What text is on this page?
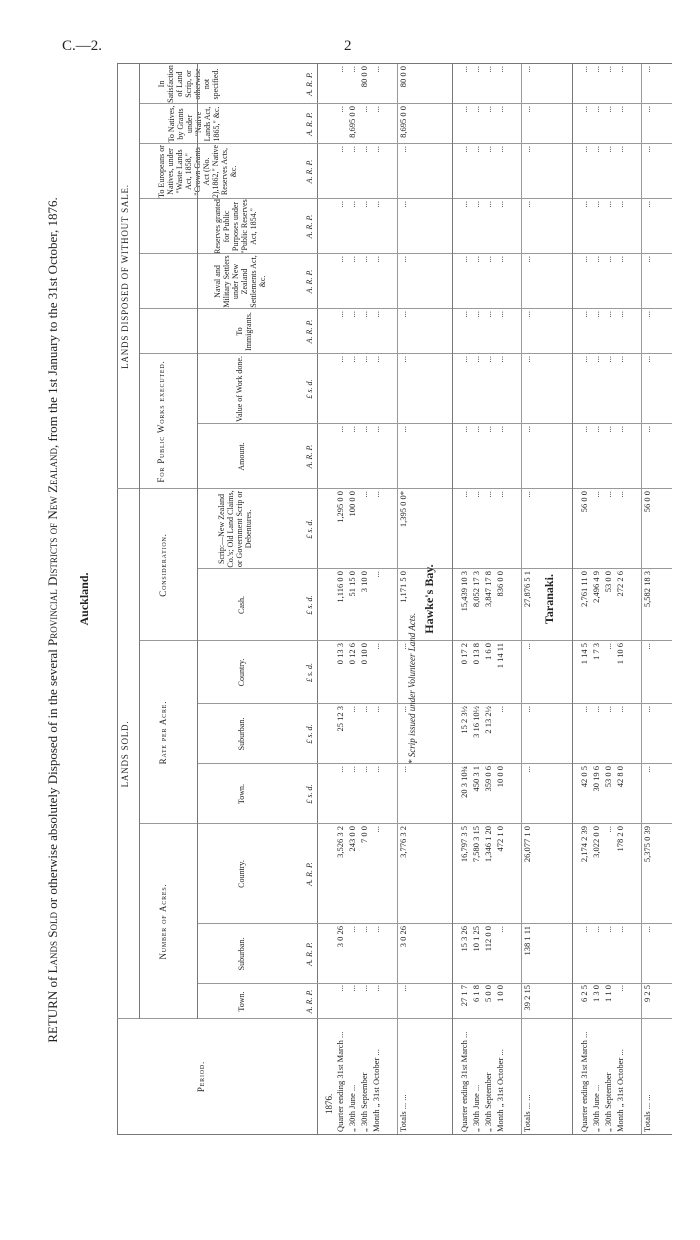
C.—2.	2
RETURN of Lands Sold or otherwise absolutely Disposed of in the several Provincial Districts of New Zealand, from the 1st January to the 31st October, 1876.
Period.
LANDS SOLD.
LANDS DISPOSED OF WITHOUT SALE.
Number of Acres.
Rate per Acre.
Consideration.
For Public Works executed.
Town.
Suburban.
Country.
Town.
Suburban.
Country.
Cash.
Scrip:—New Zealand Co.'s; Old Land Claims, or Government Scrip or Debentures.
Amount.
Value of Work done.
To Immigrants.
Naval and Military Settlers under New Zealand Settlements Act, &c.
Reserves granted for Public Purposes under "Public Reserves Act, 1854."
To Europeans or Natives, under "Waste Lands Act, 1858," "Crown Grants Act (No. 2),1862," Native Reserves Acts, &c.
To Natives, by Grants under "Native Lands Act, 1865," &c.
In Satisfaction of Land Scrip, or otherwise not specified.
A. R. P.
A. R. P.
A. R. P.
£ s. d.
£ s. d.
£ s. d.
£ s. d.
£ s. d.
A. R. P.
£ s. d.
A. R. P.
A. R. P.
A. R. P.
A. R. P.
A. R. P.
A. R. P.
1876.
Auckland.
Quarter ending 31st March ...
...
3 0 26
3,526 3 2
...
25 12 3
0 13 3
1,116 0 0
1,295 0 0
...
...
...
...
...
...
...
...
„ 30th June ...
...
...
243 0 0
...
...
0 12 6
51 15 0
100 0 0
...
...
...
...
...
...
8,695 0 0
...
„ 30th September
...
...
7 0 0
...
...
0 10 0
3 10 0
...
...
...
...
...
...
...
...
80 0 0
Month „ 31st October ...
...
...
...
...
...
...
...
...
...
...
...
...
...
...
...
...
Totals ... ...
...
3 0 26
3,776 3 2
...
...
...
1,171 5 0
1,395 0 0*
...
...
...
...
...
...
8,695 0 0
80 0 0
* Scrip issued under Volunteer Land Acts.
Hawke's Bay.
Quarter ending 31st March ...
27 1 7
15 3 26
16,797 3 5
20 3 10¾
15 2 3½
0 17 2
15,439 10 3
...
...
...
...
...
...
...
...
...
„ 30th June ...
6 1 8
10 1 25
7,580 3 15
450 3 1
3 16 10½
0 13 8
8,052 17 3
...
...
...
...
...
...
...
...
...
„ 30th September
5 0 0
112 0 0
1,346 1 20
359 0 6
2 13 2½
1 6 0
3,847 17 8
...
...
...
...
...
...
...
...
...
Month „ 31st October ...
1 0 0
...
472 1 0
10 0 0
...
1 14 11
836 0 0
...
...
...
...
...
...
...
...
...
Totals ... ...
39 2 15
138 1 11
26,077 1 0
...
...
...
27,876 5 1
...
...
...
...
...
...
...
...
...
Taranaki.
Quarter ending 31st March ...
6 2 5
...
2,174 2 39
42 0 5
...
1 14 5
2,761 11 0
56 0 0
...
...
...
...
...
...
...
...
„ 30th June ...
1 3 0
...
3,022 0 0
30 19 6
...
1 7 3
2,496 4 9
...
...
...
...
...
...
...
...
...
„ 30th September
1 1 0
...
...
53 0 0
...
...
53 0 0
...
...
...
...
...
...
...
...
...
Month „ 31st October ...
...
...
178 2 0
42 8 0
...
1 10 6
272 2 6
...
...
...
...
...
...
...
...
...
Totals ... ...
9 2 5
...
5,375 0 39
...
...
...
5,582 18 3
56 0 0
...
...
...
...
...
...
...
...
